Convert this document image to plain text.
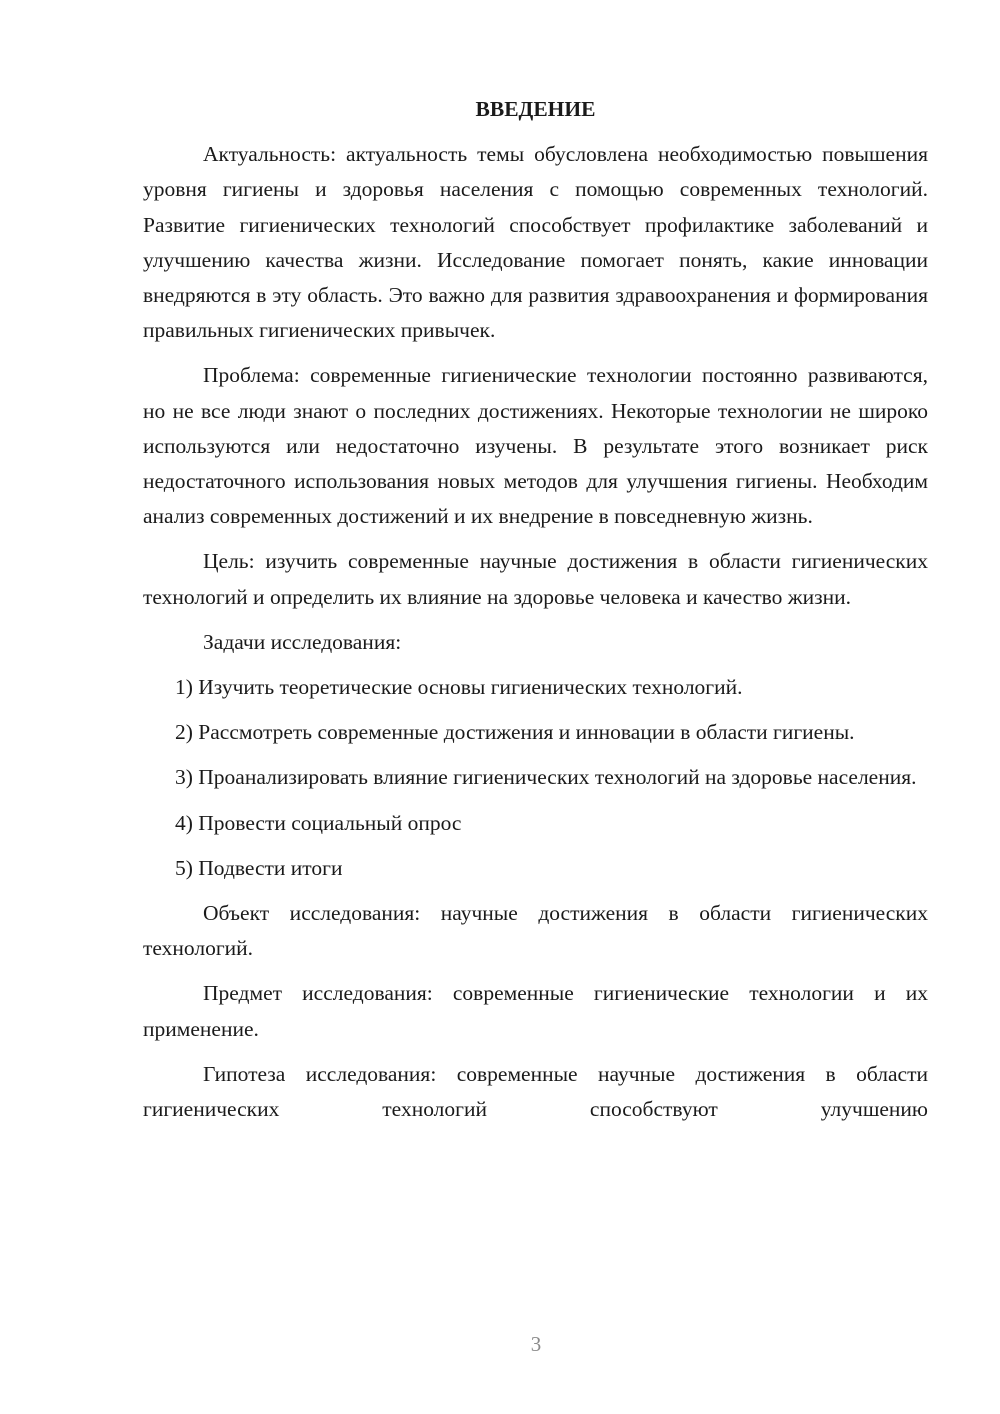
ВВЕДЕНИЕ

Актуальность: актуальность темы обусловлена необходимостью повышения уровня гигиены и здоровья населения с помощью современных технологий. Развитие гигиенических технологий способствует профилактике заболеваний и улучшению качества жизни. Исследование помогает понять, какие инновации внедряются в эту область. Это важно для развития здравоохранения и формирования правильных гигиенических привычек.

Проблема: современные гигиенические технологии постоянно развиваются, но не все люди знают о последних достижениях. Некоторые технологии не широко используются или недостаточно изучены. В результате этого возникает риск недостаточного использования новых методов для улучшения гигиены. Необходим анализ современных достижений и их внедрение в повседневную жизнь.

Цель: изучить современные научные достижения в области гигиенических технологий и определить их влияние на здоровье человека и качество жизни.

Задачи исследования:

1) Изучить теоретические основы гигиенических технологий.

2) Рассмотреть современные достижения и инновации в области гигиены.

3) Проанализировать влияние гигиенических технологий на здоровье населения.

4) Провести социальный опрос

5) Подвести итоги

Объект исследования: научные достижения в области гигиенических технологий.

Предмет исследования: современные гигиенические технологии и их применение.

Гипотеза исследования: современные научные достижения в области гигиенических технологий способствуют улучшению

3
